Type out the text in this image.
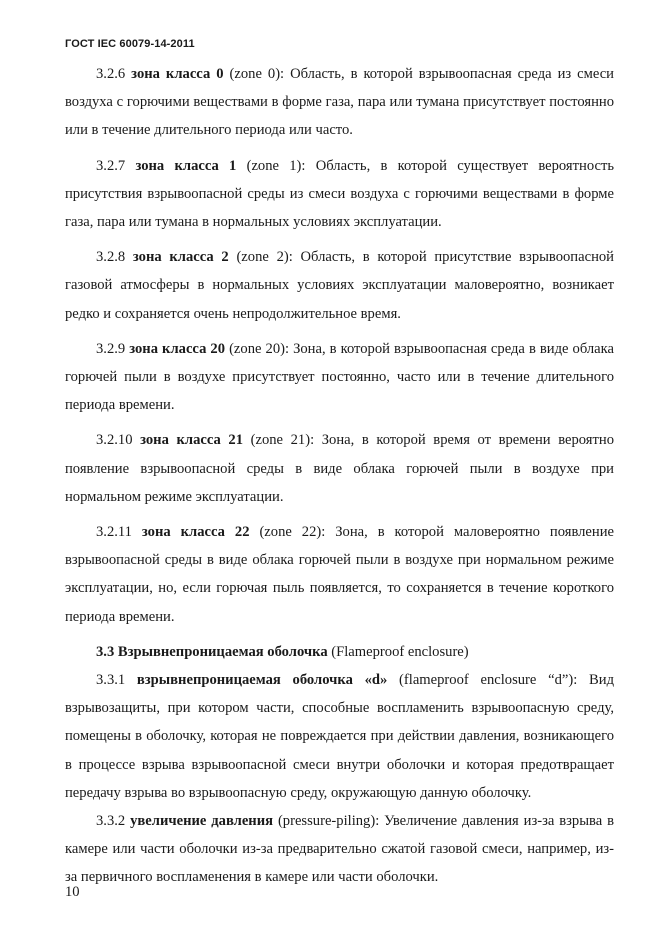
ГОСТ IEC 60079-14-2011

3.2.6 зона класса 0 (zone 0): Область, в которой взрывоопасная среда из смеси воздуха с горючими веществами в форме газа, пара или тумана присутствует постоянно или в течение длительного периода или часто.

3.2.7 зона класса 1 (zone 1): Область, в которой существует вероятность присутствия взрывоопасной среды из смеси воздуха с горючими веществами в форме газа, пара или тумана в нормальных условиях эксплуатации.

3.2.8 зона класса 2 (zone 2): Область, в которой присутствие взрывоопасной газовой атмосферы в нормальных условиях эксплуатации маловероятно, возникает редко и сохраняется очень непродолжительное время.

3.2.9 зона класса 20 (zone 20): Зона, в которой взрывоопасная среда в виде облака горючей пыли в воздухе присутствует постоянно, часто или в течение длительного периода времени.

3.2.10 зона класса 21 (zone 21): Зона, в которой время от времени вероятно появление взрывоопасной среды в виде облака горючей пыли в воздухе при нормальном режиме эксплуатации.

3.2.11 зона класса 22 (zone 22): Зона, в которой маловероятно появление взрывоопасной среды в виде облака горючей пыли в воздухе при нормальном режиме эксплуатации, но, если горючая пыль появляется, то сохраняется в течение короткого периода времени.

3.3 Взрывнепроницаемая оболочка (Flameproof enclosure)

3.3.1 взрывнепроницаемая оболочка «d» (flameproof enclosure “d”): Вид взрывозащиты, при котором части, способные воспламенить взрывоопасную среду, помещены в оболочку, которая не повреждается при действии давления, возникающего в процессе взрыва взрывоопасной смеси внутри оболочки и которая предотвращает передачу взрыва во взрывоопасную среду, окружающую данную оболочку.

3.3.2 увеличение давления (pressure-piling): Увеличение давления из-за взрыва в камере или части оболочки из-за предварительно сжатой газовой смеси, например, из-за первичного воспламенения в камере или части оболочки.

10
